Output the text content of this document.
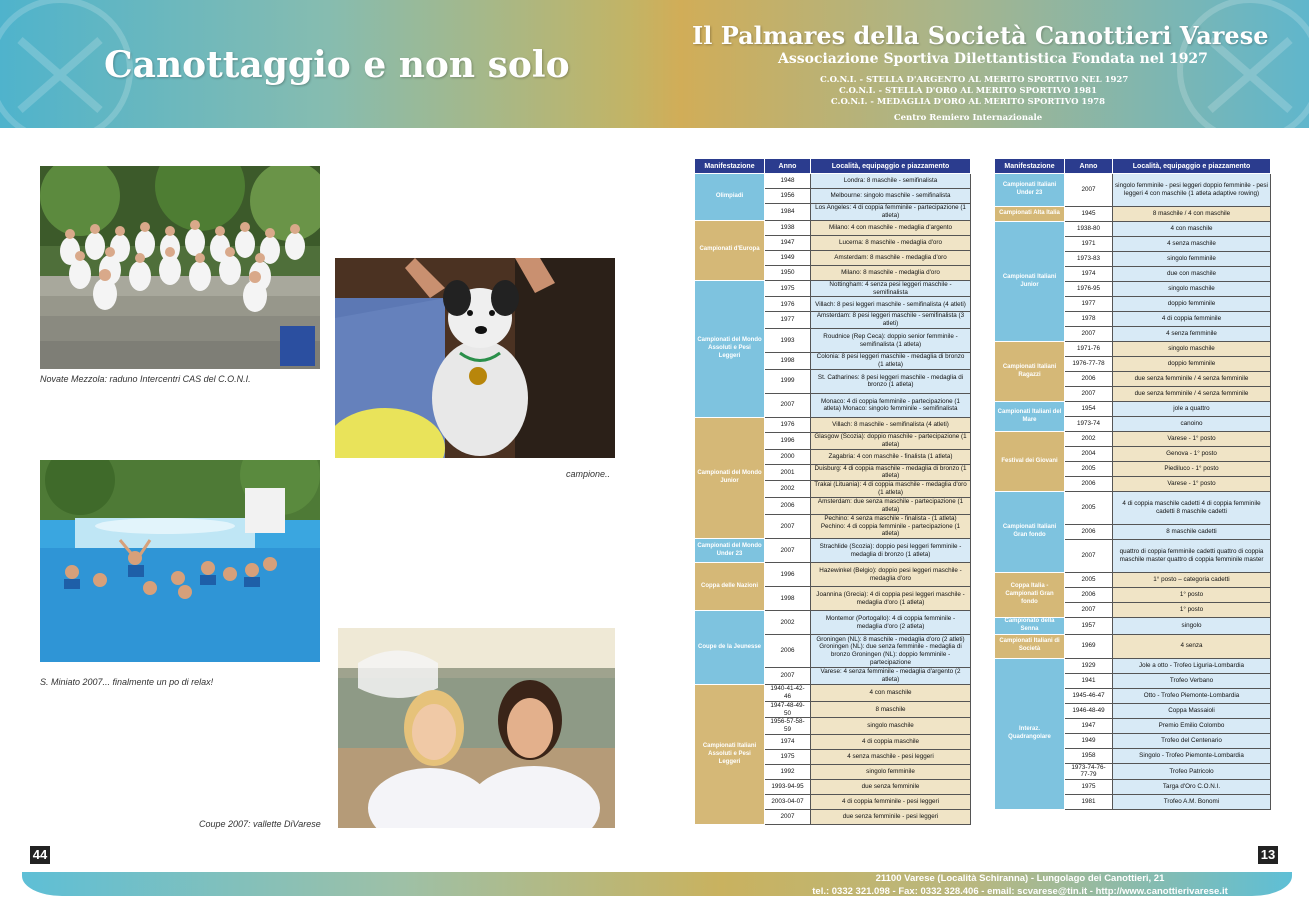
Canottaggio e non solo
Il Palmares della Società Canottieri Varese
Associazione Sportiva Dilettantistica Fondata nel 1927
C.O.N.I. - STELLA D'ARGENTO AL MERITO SPORTIVO NEL 1927
C.O.N.I. - STELLA D'ORO AL MERITO SPORTIVO 1981
C.O.N.I. - MEDAGLIA D'ORO AL MERITO SPORTIVO 1978
Centro Remiero Internazionale
Novate Mezzola: raduno Intercentri CAS del C.O.N.I.
campione..
S. Miniato 2007... finalmente un po di relax!
Coupe 2007: vallette DiVarese
Manifestazione	Anno	Località, equipaggio e piazzamento
Olimpiadi	1948	Londra: 8 maschile - semifinalista
	1956	Melbourne: singolo maschile - semifinalista
	1984	Los Angeles: 4 di coppia femminile - partecipazione (1 atleta)
Campionati d'Europa	1938	Milano: 4 con maschile - medaglia d'argento
	1947	Lucerna: 8 maschile - medaglia d'oro
	1949	Amsterdam: 8 maschile - medaglia d'oro
	1950	Milano: 8 maschile - medaglia d'oro
Campionati del Mondo Assoluti e Pesi Leggeri	1975	Nottingham: 4 senza pesi leggeri maschile - semifinalista
	1976	Villach: 8 pesi leggeri maschile - semifinalista (4 atleti)
	1977	Amsterdam: 8 pesi leggeri maschile - semifinalista (3 atleti)
	1993	Roudnice (Rep Ceca): doppio senior femminile - semifinalista (1 atleta)
	1998	Colonia: 8 pesi leggeri maschile - medaglia di bronzo (1 atleta)
	1999	St. Catharines: 8 pesi leggeri maschile - medaglia di bronzo (1 atleta)
	2007	Monaco: 4 di coppia femminile - partecipazione (1 atleta) Monaco: singolo femminile - semifinalista
Campionati del Mondo Junior	1976	Villach: 8 maschile - semifinalista (4 atleti)
	1996	Glasgow (Scozia): doppio maschile - partecipazione (1 atleta)
	2000	Zagabria: 4 con maschile - finalista (1 atleta)
	2001	Duisburg: 4 di coppia maschile - medaglia di bronzo (1 atleta)
	2002	Trakai (Lituania): 4 di coppia maschile - medaglia d'oro (1 atleta)
	2006	Amsterdam: due senza maschile - partecipazione (1 atleta)
	2007	Pechino: 4 senza maschile - finalista - (1 atleta) Pechino: 4 di coppia femminile - partecipazione (1 atleta)
Campionati del Mondo Under 23	2007	Strachlide (Scozia): doppio pesi leggeri femminile - medaglia di bronzo (1 atleta)
Coppa delle Nazioni	1996	Hazewinkel (Belgio): doppio pesi leggeri maschile - medaglia d'oro
	1998	Joannina (Grecia): 4 di coppia pesi leggeri maschile - medaglia d'oro (1 atleta)
Coupe de la Jeunesse	2002	Montemor (Portogallo): 4 di coppia femminile - medaglia d'oro (2 atleta)
	2006	Groningen (NL): 8 maschile - medaglia d'oro (2 atleti) Groningen (NL): due senza femminile - medaglia di bronzo Groningen (NL): doppio femminile - partecipazione
	2007	Varese: 4 senza femminile - medaglia d'argento (2 atleta)
Campionati Italiani Assoluti e Pesi Leggeri	1940-41-42-46	4 con maschile
	1947-48-49-50	8 maschile
	1956-57-58-59	singolo maschile
	1974	4 di coppia maschile
	1975	4 senza maschile - pesi leggeri
	1992	singolo femminile
	1993-94-95	due senza femminile
	2003-04-07	4 di coppia femminile - pesi leggeri
	2007	due senza femminile - pesi leggeri
Manifestazione	Anno	Località, equipaggio e piazzamento
Campionati Italiani Under 23	2007	singolo femminile - pesi leggeri doppio femminile - pesi leggeri 4 con maschile (1 atleta adaptive rowing)
Campionati Alta Italia	1945	8 maschile / 4 con maschile
Campionati Italiani Junior	1938-80	4 con maschile
	1971	4 senza maschile
	1973-83	singolo femminile
	1974	due con maschile
	1976-95	singolo maschile
	1977	doppio femminile
	1978	4 di coppia femminile
	2007	4 senza femminile
Campionati Italiani Ragazzi	1971-76	singolo maschile
	1976-77-78	doppio femminile
	2006	due senza femminile / 4 senza femminile
	2007	due senza femminile / 4 senza femminile
Campionati Italiani del Mare	1954	jole a quattro
	1973-74	canoino
Festival dei Giovani	2002	Varese - 1° posto
	2004	Genova - 1° posto
	2005	Piediluco - 1° posto
	2006	Varese - 1° posto
Campionati Italiani Gran fondo	2005	4 di coppia maschile cadetti 4 di coppia femminile cadetti 8 maschile cadetti
	2006	8 maschile cadetti
	2007	quattro di coppia femminile cadetti quattro di coppia maschile master quattro di coppia femminile master
Coppa Italia - Campionati Gran fondo	2005	1° posto – categoria cadetti
	2006	1° posto
	2007	1° posto
Campionato della Senna	1957	singolo
Campionati Italiani di Società	1969	4 senza
Interaz. Quadrangolare	1929	Jole a otto - Trofeo Liguria-Lombardia
	1941	Trofeo Verbano
	1945-46-47	Otto - Trofeo Piemonte-Lombardia
	1946-48-49	Coppa Massaioli
	1947	Premio Emilio Colombo
	1949	Trofeo del Centenario
	1958	Singolo - Trofeo Piemonte-Lombardia
	1973-74-76-77-79	Trofeo Patricolo
	1975	Targa d'Oro C.O.N.I.
	1981	Trofeo A.M. Bonomi
21100 Varese (Località Schiranna) - Lungolago dei Canottieri, 21
tel.: 0332 321.098 - Fax: 0332 328.406 - email: scvarese@tin.it - http://www.canottierivarese.it
44	13
